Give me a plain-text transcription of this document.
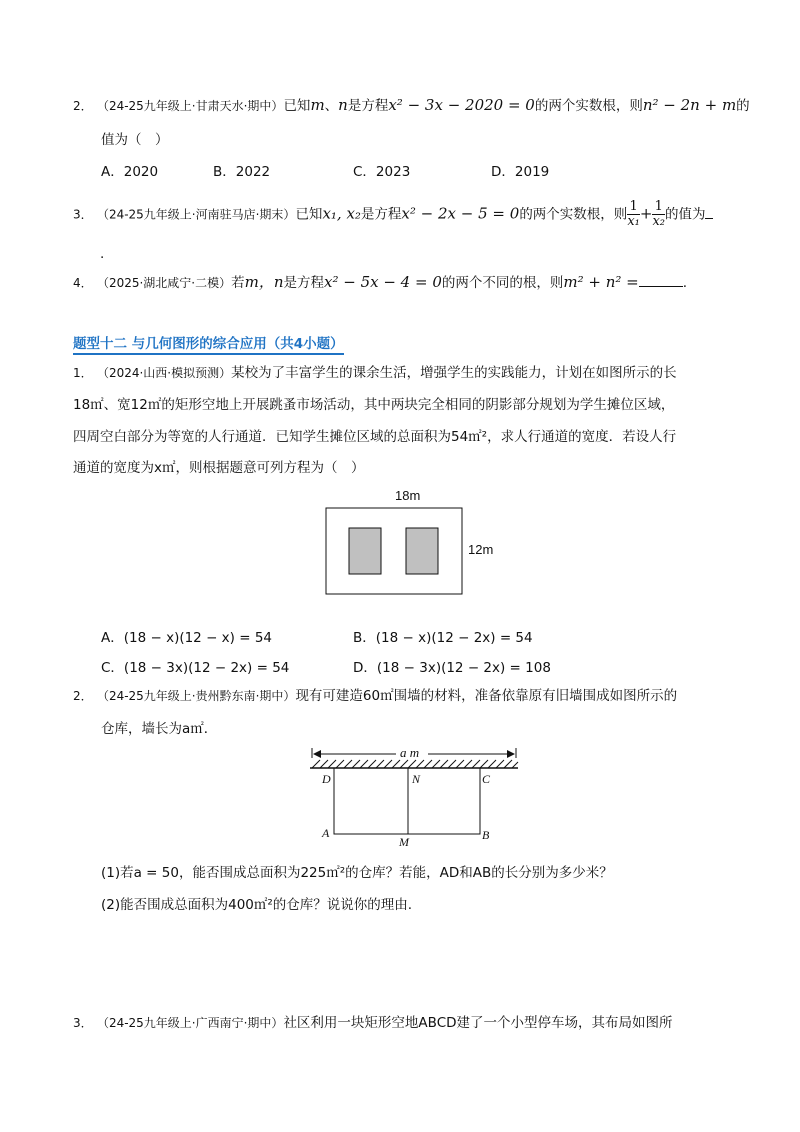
2． （24-25九年级上·甘肃天水·期中）已知m、n是方程x² − 3x − 2020 = 0的两个实数根，则n² − 2n + m的
值为（　）
A．2020	B．2022	C．2023	D．2019
3． （24-25九年级上·河南驻马店·期末）已知x₁, x₂是方程x² − 2x − 5 = 0的两个实数根，则 $\frac{1}{\text{x₁}} + \frac{1}{\text{x₂}}$ 的值为
.
4． （2025·湖北咸宁·二模）若m，n是方程x² − 5x − 4 = 0的两个不同的根，则m² + n² =	.
题型十二 与几何图形的综合应用（共4小题）
1． （2024·山西·模拟预测）某校为了丰富学生的课余生活，增强学生的实践能力，计划在如图所示的长
18㎡、宽12㎡的矩形空地上开展跳蚤市场活动，其中两块完全相同的阴影部分规划为学生摊位区域，
四周空白部分为等宽的人行通道．已知学生摊位区域的总面积为54㎡²，求人行通道的宽度．若设人行
通道的宽度为x㎡，则根据题意可列方程为（　）
18m
12m
A．(18 − x)(12 − x) = 54	B．(18 − x)(12 − 2x) = 54
C．(18 − 3x)(12 − 2x) = 54	D．(18 − 3x)(12 − 2x) = 108
2． （24-25九年级上·贵州黔东南·期中）现有可建造60㎡围墙的材料，准备依靠原有旧墙围成如图所示的
仓库，墙长为a㎡．
a m
D	N	C
A
M	B
(1)若a = 50，能否围成总面积为225㎡²的仓库？若能，AD和AB的长分别为多少米？
(2)能否围成总面积为400㎡²的仓库？说说你的理由.
3． （24-25九年级上·广西南宁·期中）社区利用一块矩形空地ABCD建了一个小型停车场，其布局如图所
